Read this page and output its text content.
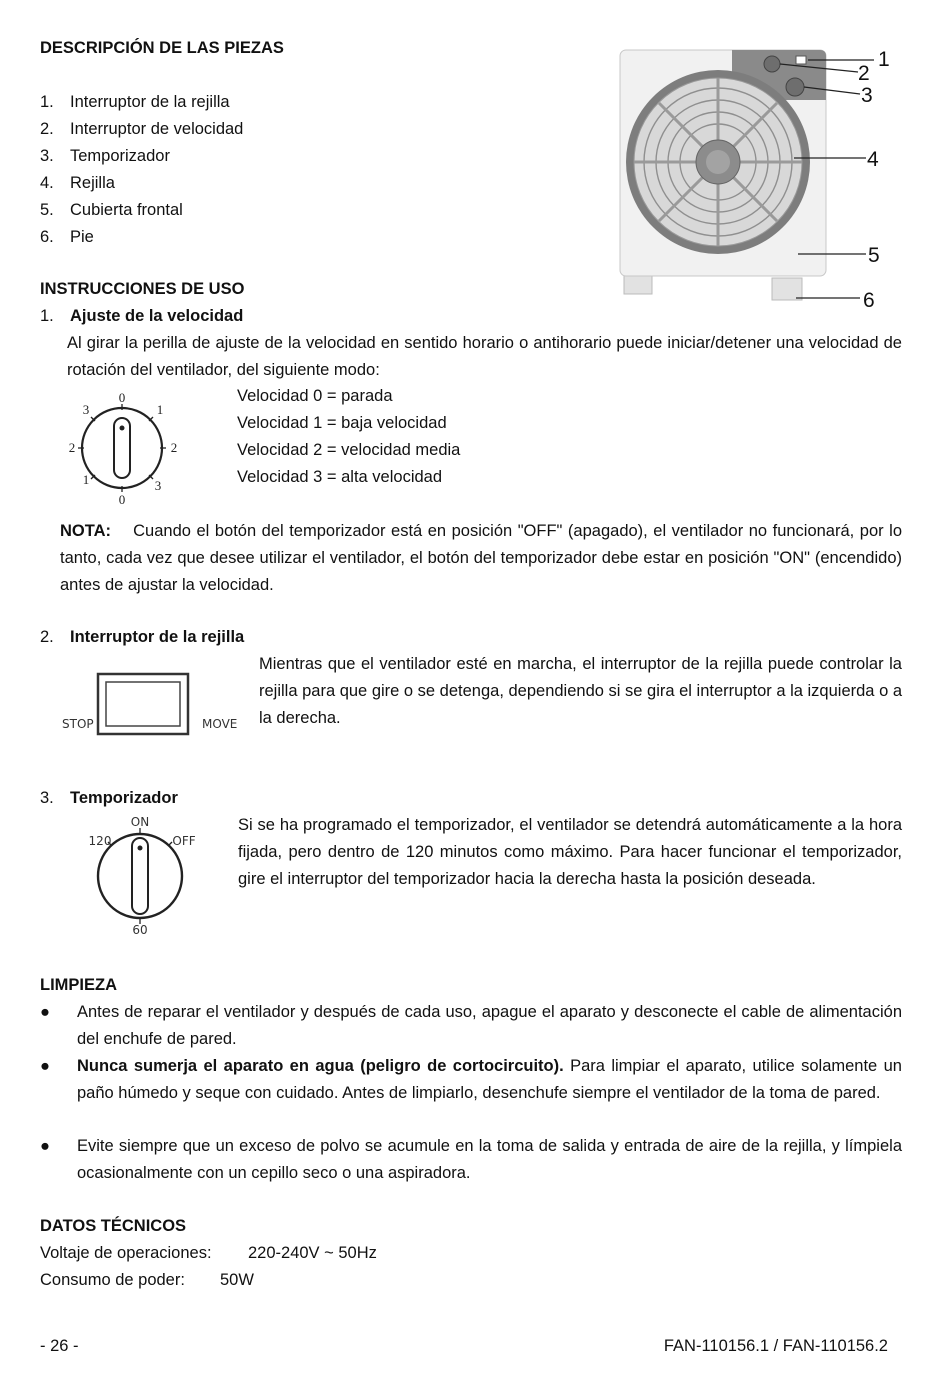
DESCRIPCIÓN DE LAS PIEZAS
1. Interruptor de la rejilla
2. Interruptor de velocidad
3. Temporizador
4. Rejilla
5. Cubierta frontal
6. Pie
1
2
3
4
5
6
INSTRUCCIONES DE USO
1. Ajuste de la velocidad
Al girar la perilla de ajuste de la velocidad en sentido horario o antihorario puede iniciar/detener una velocidad de rotación del ventilador, del siguiente modo:
0
1
2
3
3
2
1
0
Velocidad 0 = parada
Velocidad 1 = baja velocidad
Velocidad 2 = velocidad media
Velocidad 3 = alta velocidad
NOTA: Cuando el botón del temporizador está en posición "OFF" (apagado), el ventilador no funcionará, por lo tanto, cada vez que desee utilizar el ventilador, el botón del temporizador debe estar en posición "ON" (encendido) antes de ajustar la velocidad.
2. Interruptor de la rejilla
STOP	MOVE
Mientras que el ventilador esté en marcha, el interruptor de la rejilla puede controlar la rejilla para que gire o se detenga, dependiendo si se gira el interruptor a la izquierda o a la derecha.
3. Temporizador
ON
120	OFF
60
Si se ha programado el temporizador, el ventilador se detendrá automáticamente a la hora fijada, pero dentro de 120 minutos como máximo. Para hacer funcionar el temporizador, gire el interruptor del temporizador hacia la derecha hasta la posición deseada.
LIMPIEZA
●	Antes de reparar el ventilador y después de cada uso, apague el aparato y desconecte el cable de alimentación del enchufe de pared.
●	Nunca sumerja el aparato en agua (peligro de cortocircuito). Para limpiar el aparato, utilice solamente un paño húmedo y seque con cuidado. Antes de limpiarlo, desenchufe siempre el ventilador de la toma de pared.
●	Evite siempre que un exceso de polvo se acumule en la toma de salida y entrada de aire de la rejilla, y límpiela ocasionalmente con un cepillo seco o una aspiradora.
DATOS TÉCNICOS
Voltaje de operaciones: 220-240V ~ 50Hz
Consumo de poder: 50W
- 26 -	FAN-110156.1 / FAN-110156.2
